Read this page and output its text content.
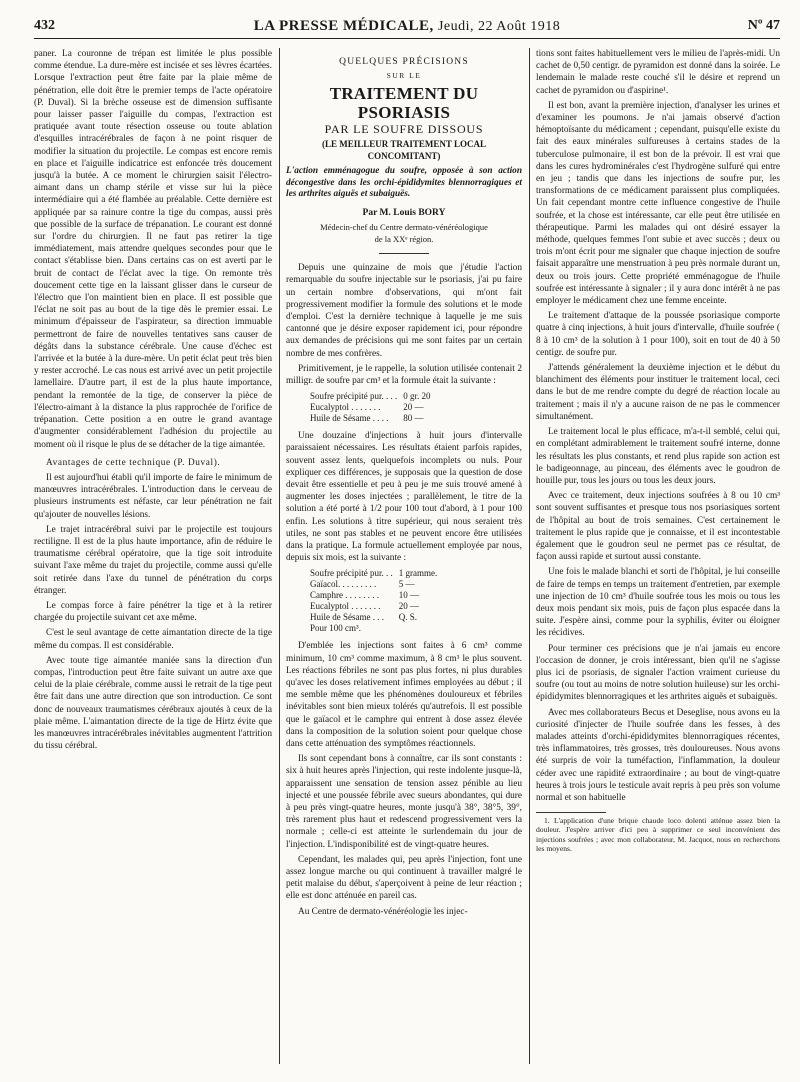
432	LA PRESSE MÉDICALE, Jeudi, 22 Août 1918	Nº 47

paner. La couronne de trépan est limitée le plus possible comme étendue. La dure-mère est incisée et ses lèvres écartées. Lorsque l'extraction peut être faite par la plaie même de pénétration, elle doit être le premier temps de l'acte opératoire (P. Duval). Si la brèche osseuse est de dimension suffisante pour laisser passer l'aiguille du compas, l'extraction est pratiquée avant toute résection osseuse ou toute ablation d'esquilles intracérébrales de façon à ne point risquer de modifier la situation du projectile. Le compas est encore remis en place et l'aiguille indicatrice est enfoncée très doucement jusqu'à la butée. A ce moment le chirurgien saisit l'électro-aimant dans un champ stérile et visse sur lui la pièce intermédiaire qui a été flambée au préalable. Cette dernière est appliquée par sa rainure contre la tige du compas, aussi près que possible de la surface de trépanation. Le courant est donné sur l'ordre du chirurgien. Il ne faut pas retirer la tige immédiatement, mais attendre quelques secondes pour que le contact s'établisse bien. Dans certains cas on est averti par le bruit de contact de l'éclat avec la tige. On remonte très doucement cette tige en la laissant glisser dans le curseur de l'électro que l'on maintient bien en place. Il est possible que l'éclat ne soit pas au bout de la tige dès le premier essai. Le minimum d'épaisseur de l'aspirateur, sa direction immuable permettront de faire de nouvelles tentatives sans causer de dégâts dans la substance cérébrale. Une cause d'échec est l'arrivée et la butée à la dure-mère. Un petit éclat peut très bien y rester accroché. Le cas nous est arrivé avec un petit projectile lamellaire. D'autre part, il est de la plus haute importance, pendant la remontée de la tige, de conserver la pièce de l'électro-aimant à la distance la plus rapprochée de l'orifice de trépanation. Cette position a en outre le grand avantage d'augmenter considérablement l'adhésion du projectile au moment où il risque le plus de se détacher de la tige aimantée.

Avantages de cette technique (P. Duval).

Il est aujourd'hui établi qu'il importe de faire le minimum de manœuvres intracérébrales. L'introduction dans le cerveau de plusieurs instruments est néfaste, car leur pénétration ne fait qu'ajouter de nouvelles lésions.

Le trajet intracérébral suivi par le projectile est toujours rectiligne. Il est de la plus haute importance, afin de réduire le traumatisme cérébral opératoire, que la tige soit introduite suivant l'axe même du trajet du projectile, comme aussi qu'elle soit retirée dans l'axe du tunnel de pénétration du corps étranger.

Le compas force à faire pénétrer la tige et à la retirer chargée du projectile suivant cet axe même.

C'est le seul avantage de cette aimantation directe de la tige même du compas. Il est considérable.

Avec toute tige aimantée maniée sans la direction d'un compas, l'introduction peut être faite suivant un autre axe que celui de la plaie cérébrale, comme aussi le retrait de la tige peut être fait dans une autre direction que son introduction. Ce sont donc de nouveaux traumatismes cérébraux ajoutés à ceux de la plaie même. L'aimantation directe de la tige de Hirtz évite que les manœuvres intracérébrales inévitables augmentent l'attrition du tissu cérébral.

QUELQUES PRÉCISIONS
SUR LE
TRAITEMENT DU PSORIASIS
PAR LE SOUFRE DISSOUS
(LE MEILLEUR TRAITEMENT LOCAL CONCOMITANT)
L'action emménagogue du soufre, opposée à son action décongestive dans les orchi-épididymites blennorragiques et les arthrites aiguës et subaiguës.
Par M. Louis BORY
Médecin-chef du Centre dermato-vénéréologique
de la XXᵉ région.

Depuis une quinzaine de mois que j'étudie l'action remarquable du soufre injectable sur le psoriasis, j'ai pu faire un certain nombre d'observations, qui m'ont fait progressivement modifier la formule des solutions et le mode d'emploi. C'est la dernière technique à laquelle je me suis cantonné que je désire exposer rapidement ici, pour répondre aux demandes de précisions qui me sont faites par un certain nombre de mes confrères.

Primitivement, je le rappelle, la solution utilisée contenait 2 milligr. de soufre par cm³ et la formule était la suivante :

Soufre précipité pur. . . .	0 gr. 20
Eucalyptol . . . . . . .	20 —
Huile de Sésame . . . .	80 —

Une douzaine d'injections à huit jours d'intervalle paraissaient nécessaires. Les résultats étaient parfois rapides, souvent assez lents, quelquefois incomplets ou nuls. Pour expliquer ces différences, je supposais que la question de dose devait être essentielle et peu à peu je me suis trouvé amené à augmenter les doses injectées ; parallèlement, le titre de la solution a été porté à 1/2 pour 100 tout d'abord, à 1 pour 100 enfin. Les solutions à titre supérieur, qui nous seraient très utiles, ne sont pas stables et ne peuvent encore être utilisées dans la pratique. La formule actuellement employée par nous, depuis six mois, est la suivante :

Soufre précipité pur. . .	1 gramme.
Gaïacol. . . . . . . . .	5 —
Camphre . . . . . . . .	10 —
Eucalyptol . . . . . . .	20 —
Huile de Sésame . . .	Q. S.
Pour 100 cm³.	

D'emblée les injections sont faites à 6 cm³ comme minimum, 10 cm³ comme maximum, à 8 cm³ le plus souvent. Les réactions fébriles ne sont pas plus fortes, ni plus durables qu'avec les doses relativement infimes employées au début ; il me semble même que les phénomènes douloureux et fébriles inévitables sont bien mieux tolérés qu'autrefois. Il est possible que le gaïacol et le camphre qui entrent à dose assez élevée dans la composition de la solution soient pour quelque chose dans cette atténuation des symptômes réactionnels.

Ils sont cependant bons à connaître, car ils sont constants : six à huit heures après l'injection, qui reste indolente jusque-là, apparaissent une sensation de tension assez pénible au lieu injecté et une poussée fébrile avec sueurs abondantes, qui dure à peu près vingt-quatre heures, monte jusqu'à 38°, 38°5, 39°, très rarement plus haut et redescend progressivement vers la normale ; celle-ci est atteinte le surlendemain du jour de l'injection. L'indisponibilité est de vingt-quatre heures.

Cependant, les malades qui, peu après l'injection, font une assez longue marche ou qui continuent à travailler malgré le petit malaise du début, s'aperçoivent à peine de leur réaction ; elle est donc atténuée en pareil cas.

Au Centre de dermato-vénéréologie les injec-

tions sont faites habituellement vers le milieu de l'après-midi. Un cachet de 0,50 centigr. de pyramidon est donné dans la soirée. Le lendemain le malade reste couché s'il le désire et reprend un cachet de pyramidon ou d'aspirine¹.

Il est bon, avant la première injection, d'analyser les urines et d'examiner les poumons. Je n'ai jamais observé d'action hémoptoïsante du médicament ; cependant, puisqu'elle existe du fait des eaux minérales sulfureuses à certains stades de la tuberculose pulmonaire, il est bon de la prévoir. Il est vrai que dans les cures hydrominérales c'est l'hydrogène sulfuré qui entre en jeu ; tandis que dans les injections de soufre pur, les transformations de ce médicament paraissent plus compliquées. Un fait cependant montre cette influence congestive de l'huile soufrée, et la chose est intéressante, car elle peut être utilisée en thérapeutique. Parmi les malades qui ont désiré essayer la méthode, quelques femmes l'ont subie et avec succès ; deux ou trois m'ont écrit pour me signaler que chaque injection de soufre faisait apparaître une menstruation à peu près normale durant un, deux ou trois jours. Cette propriété emménagogue de l'huile soufrée est intéressante à signaler ; il y aura donc intérêt à ne pas employer le médicament chez une femme enceinte.

Le traitement d'attaque de la poussée psoriasique comporte quatre à cinq injections, à huit jours d'intervalle, d'huile soufrée ( 8 à 10 cm³ de la solution à 1 pour 100), soit en tout de 40 à 50 centigr. de soufre pur.

J'attends généralement la deuxième injection et le début du blanchiment des éléments pour instituer le traitement local, ceci dans le but de me rendre compte du degré de réaction locale au traitement ; mais il n'y a aucune raison de ne pas le commencer simultanément.

Le traitement local le plus efficace, m'a-t-il semblé, celui qui, en complétant admirablement le traitement soufré interne, donne les résultats les plus constants, et rend plus rapide son action est le badigeonnage, au pinceau, des éléments avec le goudron de houille pur, tous les jours ou tous les deux jours.

Avec ce traitement, deux injections soufrées à 8 ou 10 cm³ sont souvent suffisantes et presque tous nos psoriasiques sortent de l'hôpital au bout de trois semaines. C'est certainement le traitement le plus rapide que je connaisse, et il est incontestable également que le goudron seul ne permet pas ce résultat, de façon aussi rapide et surtout aussi constante.

Une fois le malade blanchi et sorti de l'hôpital, je lui conseille de faire de temps en temps un traitement d'entretien, par exemple une injection de 10 cm³ d'huile soufrée tous les mois ou tous les deux mois pendant six mois, puis de façon plus espacée dans la suite. J'espère ainsi, comme pour la syphilis, éviter ou éloigner les récidives.

Pour terminer ces précisions que je n'ai jamais eu encore l'occasion de donner, je crois intéressant, bien qu'il ne s'agisse plus ici de psoriasis, de signaler l'action vraiment curieuse du soufre (ou tout au moins de notre solution huileuse) sur les orchi-épididymites blennorragiques et les arthrites aiguës et subaiguës.

Avec mes collaborateurs Becus et Deseglise, nous avons eu la curiosité d'injecter de l'huile soufrée dans les fesses, à des malades atteints d'orchi-épididymites blennorragiques récentes, très inflammatoires, très grosses, très douloureuses. Nous avons été surpris de voir la tuméfaction, l'inflammation, la douleur céder avec une rapidité extraordinaire ; au bout de vingt-quatre heures à trois jours le testicule avait repris à peu près son volume normal et son habituelle

1. L'application d'une brique chaude loco dolenti atténue assez bien la douleur. J'espère arriver d'ici peu à supprimer ce seul inconvénient des injections soufrées ; avec mon collaborateur, M. Jacquot, nous en recherchons les moyens.
